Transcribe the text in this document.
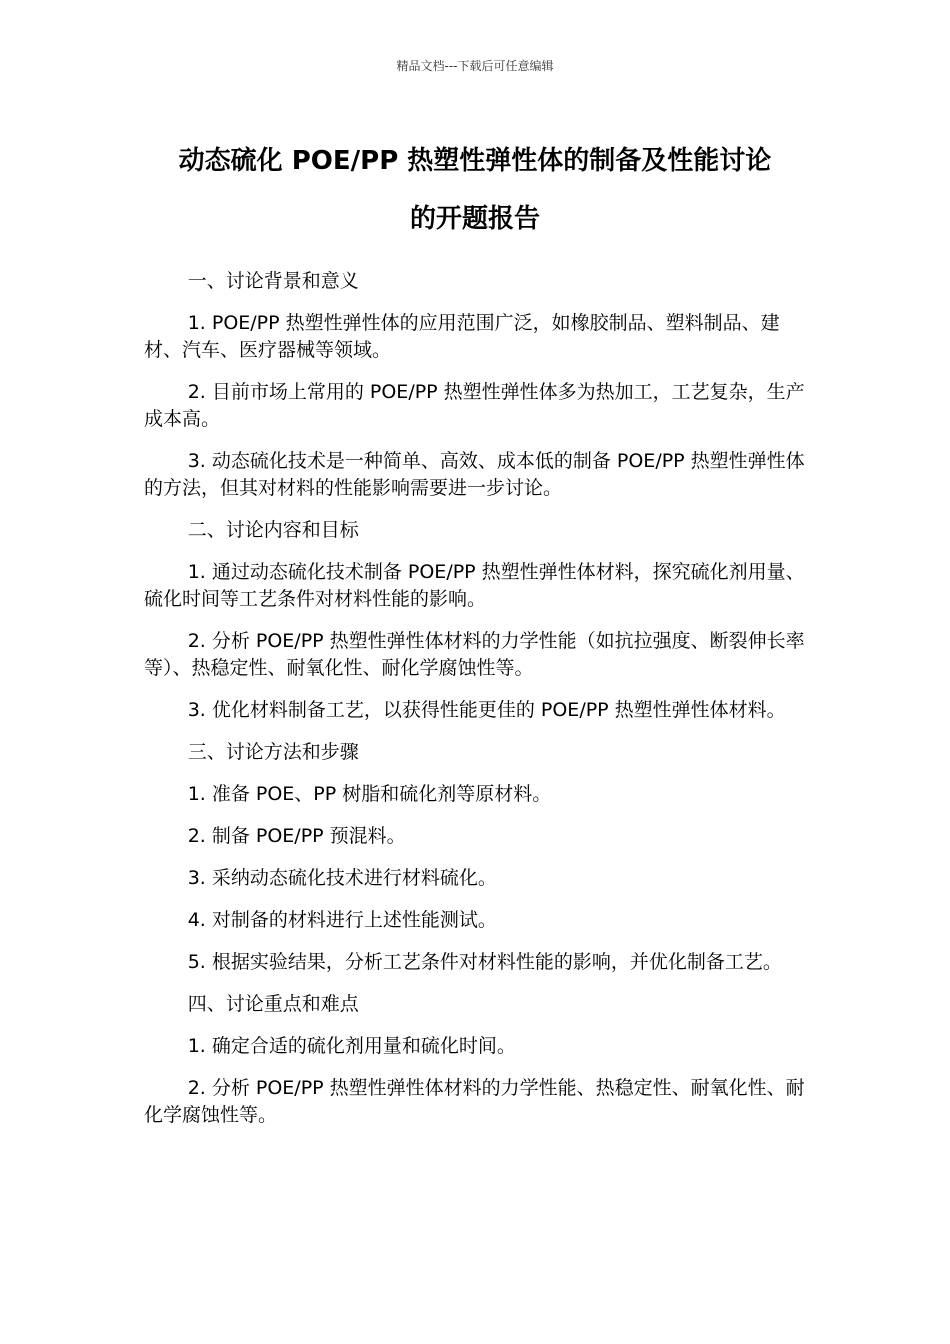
精品文档---下载后可任意编辑
动态硫化 POE/PP 热塑性弹性体的制备及性能讨论
的开题报告

一、讨论背景和意义

1. POE/PP 热塑性弹性体的应用范围广泛，如橡胶制品、塑料制品、建材、汽车、医疗器械等领域。

2. 目前市场上常用的 POE/PP 热塑性弹性体多为热加工，工艺复杂，生产成本高。

3. 动态硫化技术是一种简单、高效、成本低的制备 POE/PP 热塑性弹性体的方法，但其对材料的性能影响需要进一步讨论。

二、讨论内容和目标

1. 通过动态硫化技术制备 POE/PP 热塑性弹性体材料，探究硫化剂用量、硫化时间等工艺条件对材料性能的影响。

2. 分析 POE/PP 热塑性弹性体材料的力学性能（如抗拉强度、断裂伸长率等）、热稳定性、耐氧化性、耐化学腐蚀性等。

3. 优化材料制备工艺，以获得性能更佳的 POE/PP 热塑性弹性体材料。

三、讨论方法和步骤

1. 准备 POE、PP 树脂和硫化剂等原材料。

2. 制备 POE/PP 预混料。

3. 采纳动态硫化技术进行材料硫化。

4. 对制备的材料进行上述性能测试。

5. 根据实验结果，分析工艺条件对材料性能的影响，并优化制备工艺。

四、讨论重点和难点

1. 确定合适的硫化剂用量和硫化时间。

2. 分析 POE/PP 热塑性弹性体材料的力学性能、热稳定性、耐氧化性、耐化学腐蚀性等。
